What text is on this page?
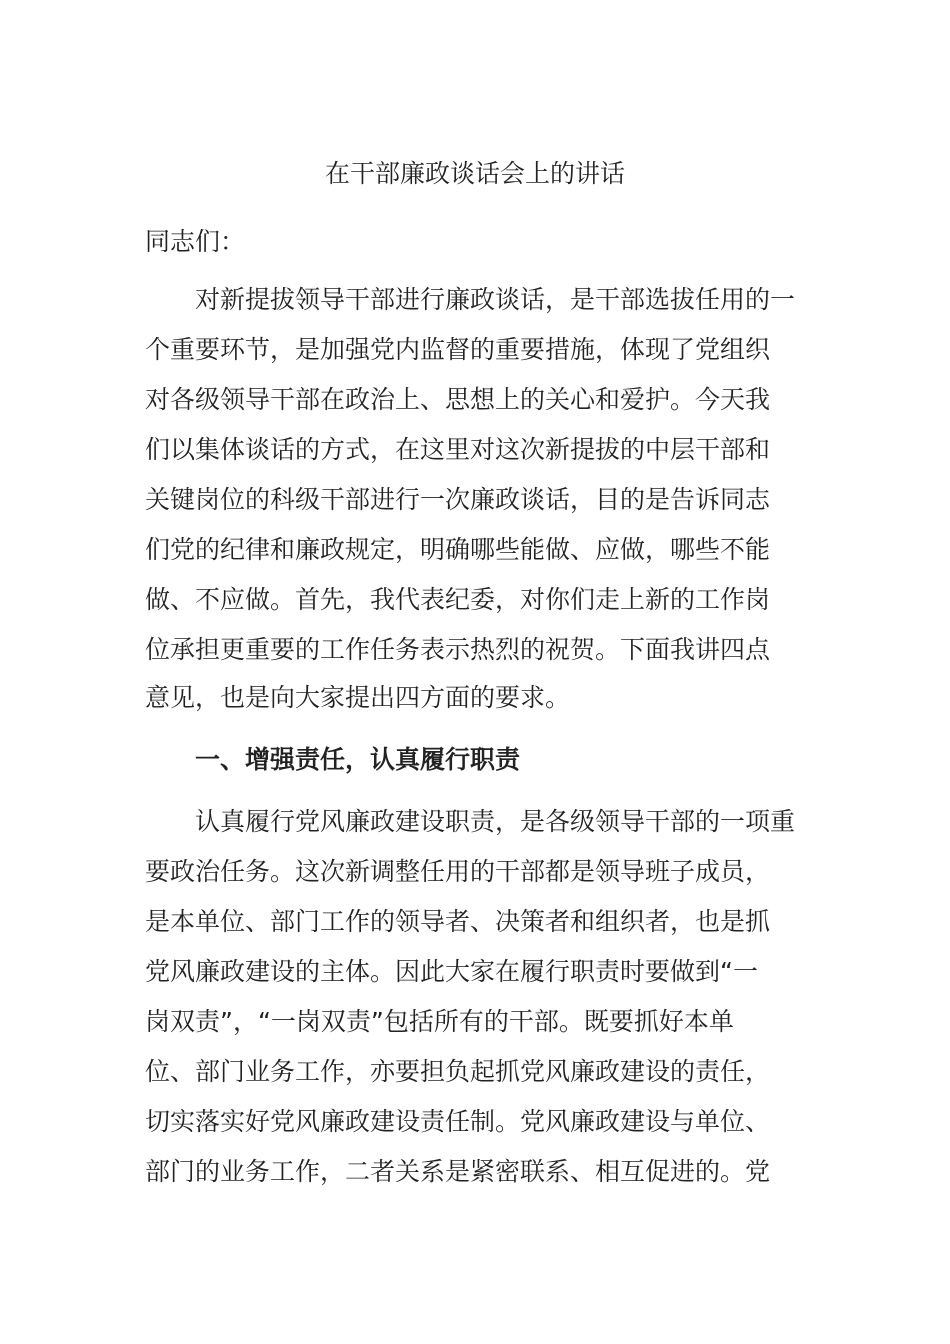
在干部廉政谈话会上的讲话

同志们：

　　对新提拔领导干部进行廉政谈话，是干部选拔任用的一

个重要环节，是加强党内监督的重要措施，体现了党组织

对各级领导干部在政治上、思想上的关心和爱护。今天我

们以集体谈话的方式，在这里对这次新提拔的中层干部和

关键岗位的科级干部进行一次廉政谈话，目的是告诉同志

们党的纪律和廉政规定，明确哪些能做、应做，哪些不能

做、不应做。首先，我代表纪委，对你们走上新的工作岗

位承担更重要的工作任务表示热烈的祝贺。下面我讲四点

意见，也是向大家提出四方面的要求。

　　一、增强责任，认真履行职责

　　认真履行党风廉政建设职责，是各级领导干部的一项重

要政治任务。这次新调整任用的干部都是领导班子成员，

是本单位、部门工作的领导者、决策者和组织者，也是抓

党风廉政建设的主体。因此大家在履行职责时要做到“一

岗双责”，“一岗双责”包括所有的干部。既要抓好本单

位、部门业务工作，亦要担负起抓党风廉政建设的责任，

切实落实好党风廉政建设责任制。党风廉政建设与单位、

部门的业务工作，二者关系是紧密联系、相互促进的。党
